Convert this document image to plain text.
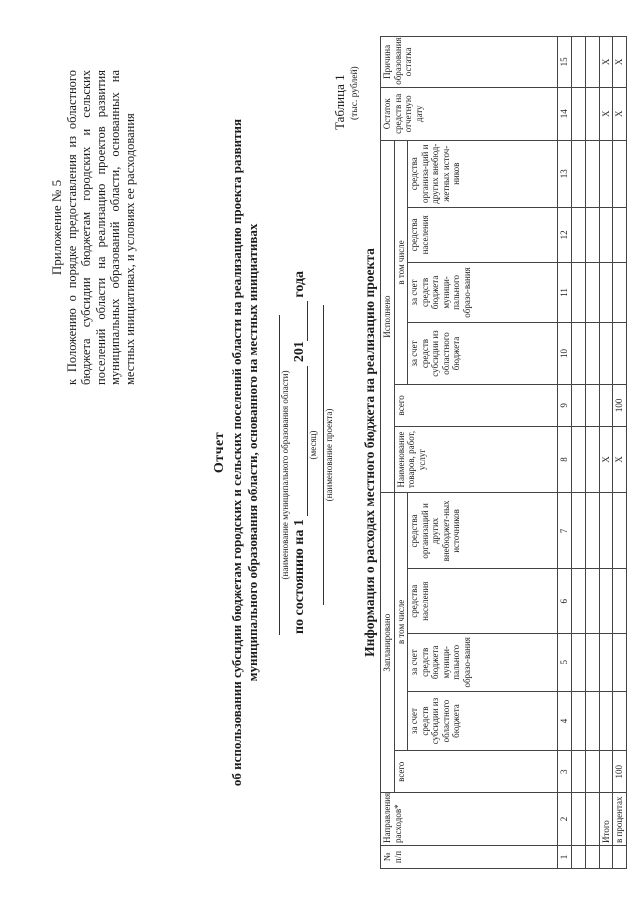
Приложение № 5 к Положению о порядке предоставления из областного бюджета субсидии бюджетам городских и сельских поселений области на реализацию проектов развития муниципальных образований области, основанных на местных инициативах, и условиях ее расходования
Отчет об использовании субсидии бюджетам городских и сельских поселений области на реализацию проекта развития муниципального образования области, основанного на местных инициативах (наименование муниципального образования области) по состоянию на 1  201 года
(месяц) (наименование проекта)
Таблица 1 (тыс. рублей)
Информация о расходах местного бюджета на реализацию проекта
№ п/п	Направления расходов*	Запланировано					Исполнено						Остаток средств на отчетную дату	Причина образования остатка
		всего	в том числе				Наименование товаров, работ, услуг	всего	в том числе					
			за счет средств субсидии из областного бюджета	за счет средств бюджета муници-пального образо-вания	средства населения	средства организаций и других внебюджет-ных источников			за счет средств субсидии из областного бюджета	за счет средств бюджета муници-пального образо-вания	средства населения	средства организа-ций и других внебюд-жетных источ-ников		
1	2	3	4	5	6	7	8	9	10	11	12	13	14	15

	Итого						X						X	X
	в процентах	100					X	100					X	X
